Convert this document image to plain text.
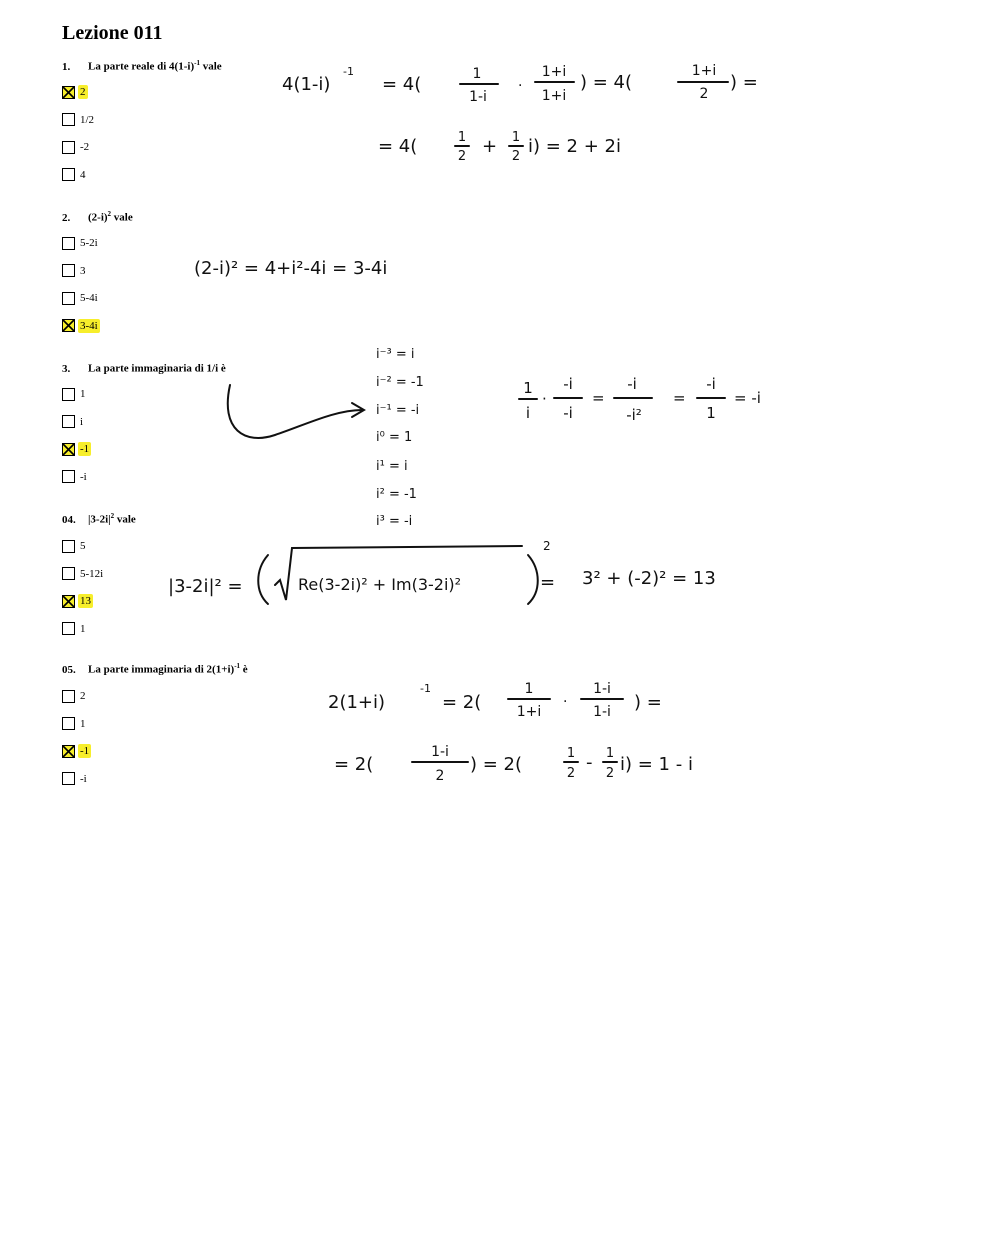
Lezione 011
1. La parte reale di $4(1-i)^{-1}$ vale
2
1/2
-2
4
2. $(2-i)^2$ vale
5-2i
3
5-4i
3-4i
3. La parte immaginaria di 1/i è
1
i
-1
-i
04. $|3-2i|^2$ vale
5
5-12i
13
1
05. La parte immaginaria di $2(1+i)^{-1}$ è
2
1
-1
-i
4(1-i)
-1
= 4(	1
1-i
·
1+i
1+i
) = 4(
1+i
2
) =
= 4(	1
2 + 1
2 i) = 2 + 2i
(2-i)² = 4+i²-4i = 3-4i
i⁻³ = i
i⁻² = -1
i⁻¹ = -i
i⁰ = 1
i¹ = i
i² = -1
i³ = -i
1
i
·
-i
-i
=
-i
-i²
=
-i
1
= -i
|3-2i|² =	Re(3-2i)² + Im(3-2i)²
2
= 3² + (-2)² = 13
2(1+i)
-1
= 2(
1
1+i
·
1-i
1-i ) =
= 2(
1-i
2
) = 2(
1
2
- 1
2 i) = 1 - i
